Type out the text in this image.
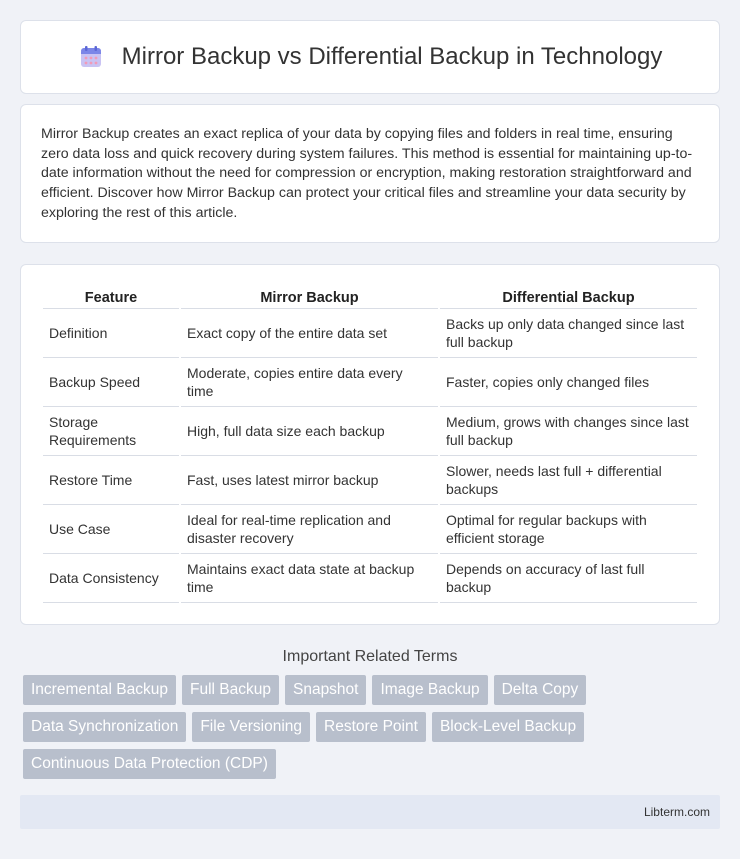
Mirror Backup vs Differential Backup in Technology

Mirror Backup creates an exact replica of your data by copying files and folders in real time, ensuring zero data loss and quick recovery during system failures. This method is essential for maintaining up-to-date information without the need for compression or encryption, making restoration straightforward and efficient. Discover how Mirror Backup can protect your critical files and streamline your data security by exploring the rest of this article.

Feature	Mirror Backup	Differential Backup
Definition	Exact copy of the entire data set	Backs up only data changed since last full backup
Backup Speed	Moderate, copies entire data every time	Faster, copies only changed files
Storage Requirements	High, full data size each backup	Medium, grows with changes since last full backup
Restore Time	Fast, uses latest mirror backup	Slower, needs last full + differential backups
Use Case	Ideal for real-time replication and disaster recovery	Optimal for regular backups with efficient storage
Data Consistency	Maintains exact data state at backup time	Depends on accuracy of last full backup
Important Related Terms
Incremental Backup	Full Backup	Snapshot	Image Backup	Delta Copy
Data Synchronization	File Versioning	Restore Point	Block-Level Backup
Continuous Data Protection (CDP)
Libterm.com
